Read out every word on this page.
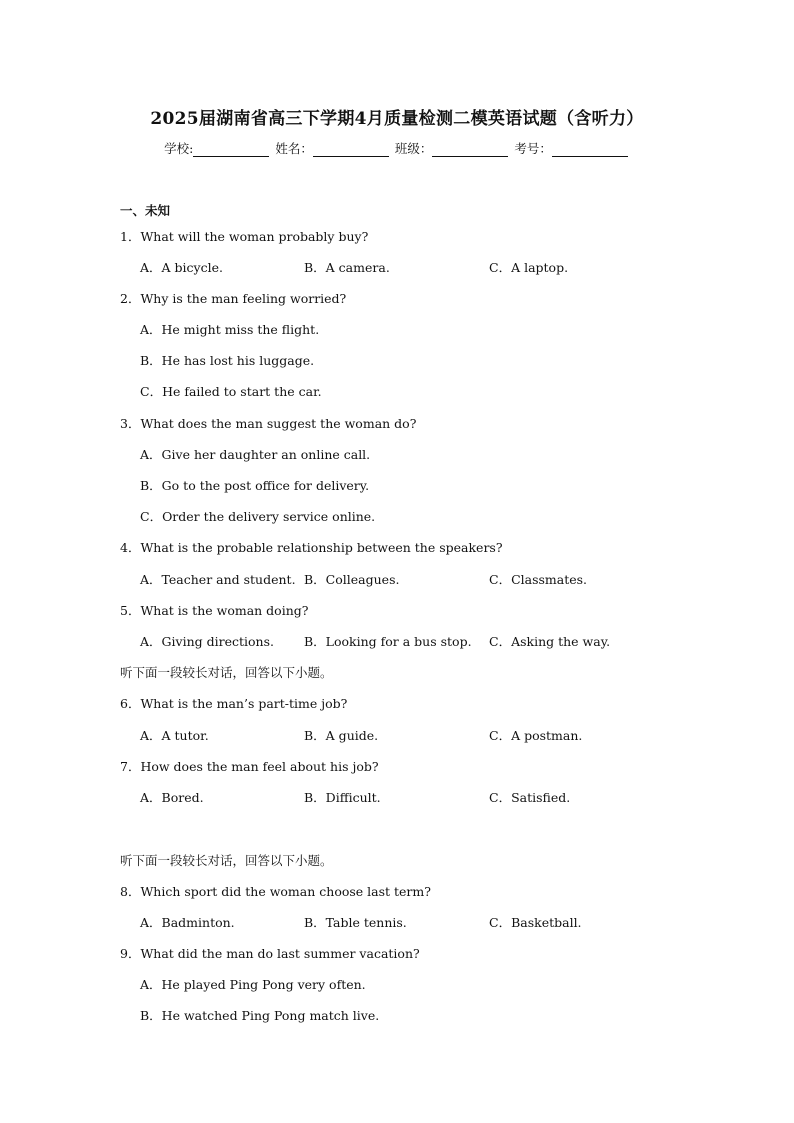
2025届湖南省高三下学期4月质量检测二模英语试题（含听力）
学校:	姓名：	班级：	考号：
一、未知
1．What will the woman probably buy?
A．A bicycle.	B．A camera.	C．A laptop.
2．Why is the man feeling worried?
A．He might miss the flight.
B．He has lost his luggage.
C．He failed to start the car.
3．What does the man suggest the woman do?
A．Give her daughter an online call.
B．Go to the post office for delivery.
C．Order the delivery service online.
4．What is the probable relationship between the speakers?
A．Teacher and student. B．Colleagues.	C．Classmates.
5．What is the woman doing?
A．Giving directions. B．Looking for a bus stop. C．Asking the way.
听下面一段较长对话，回答以下小题。
6．What is the man’s part-time job?
A．A tutor.	B．A guide.	C．A postman.
7．How does the man feel about his job?
A．Bored.	B．Difficult.	C．Satisfied.
听下面一段较长对话，回答以下小题。
8．Which sport did the woman choose last term?
A．Badminton.	B．Table tennis.	C．Basketball.
9．What did the man do last summer vacation?
A．He played Ping Pong very often.
B．He watched Ping Pong match live.
